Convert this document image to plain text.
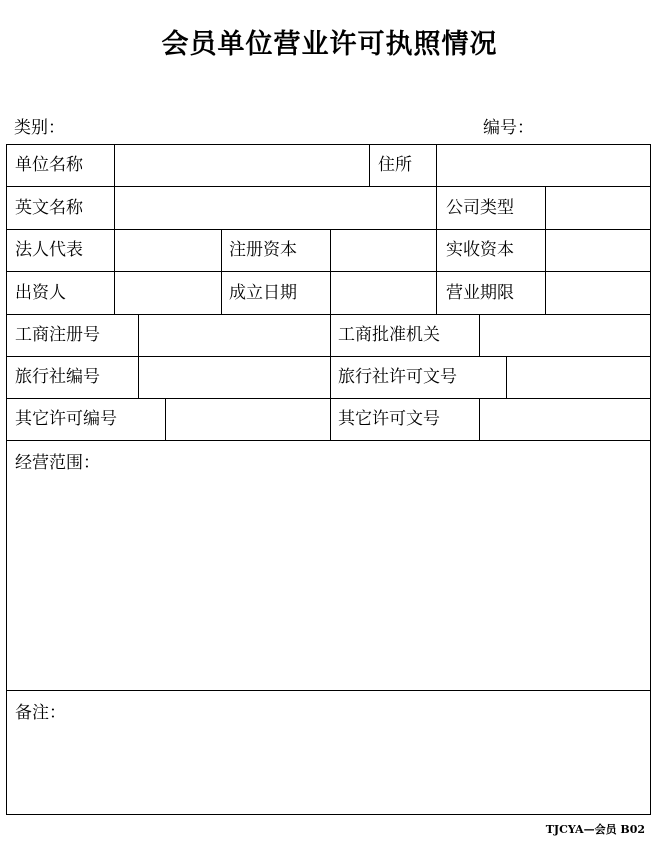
会员单位营业许可执照情况
类别：	编号：
单位名称	住所
英文名称	公司类型
法人代表	注册资本	实收资本
出资人	成立日期	营业期限
工商注册号	工商批准机关
旅行社编号	旅行社许可文号
其它许可编号	其它许可文号
经营范围：
备注：
TJCYA—会员 B02
